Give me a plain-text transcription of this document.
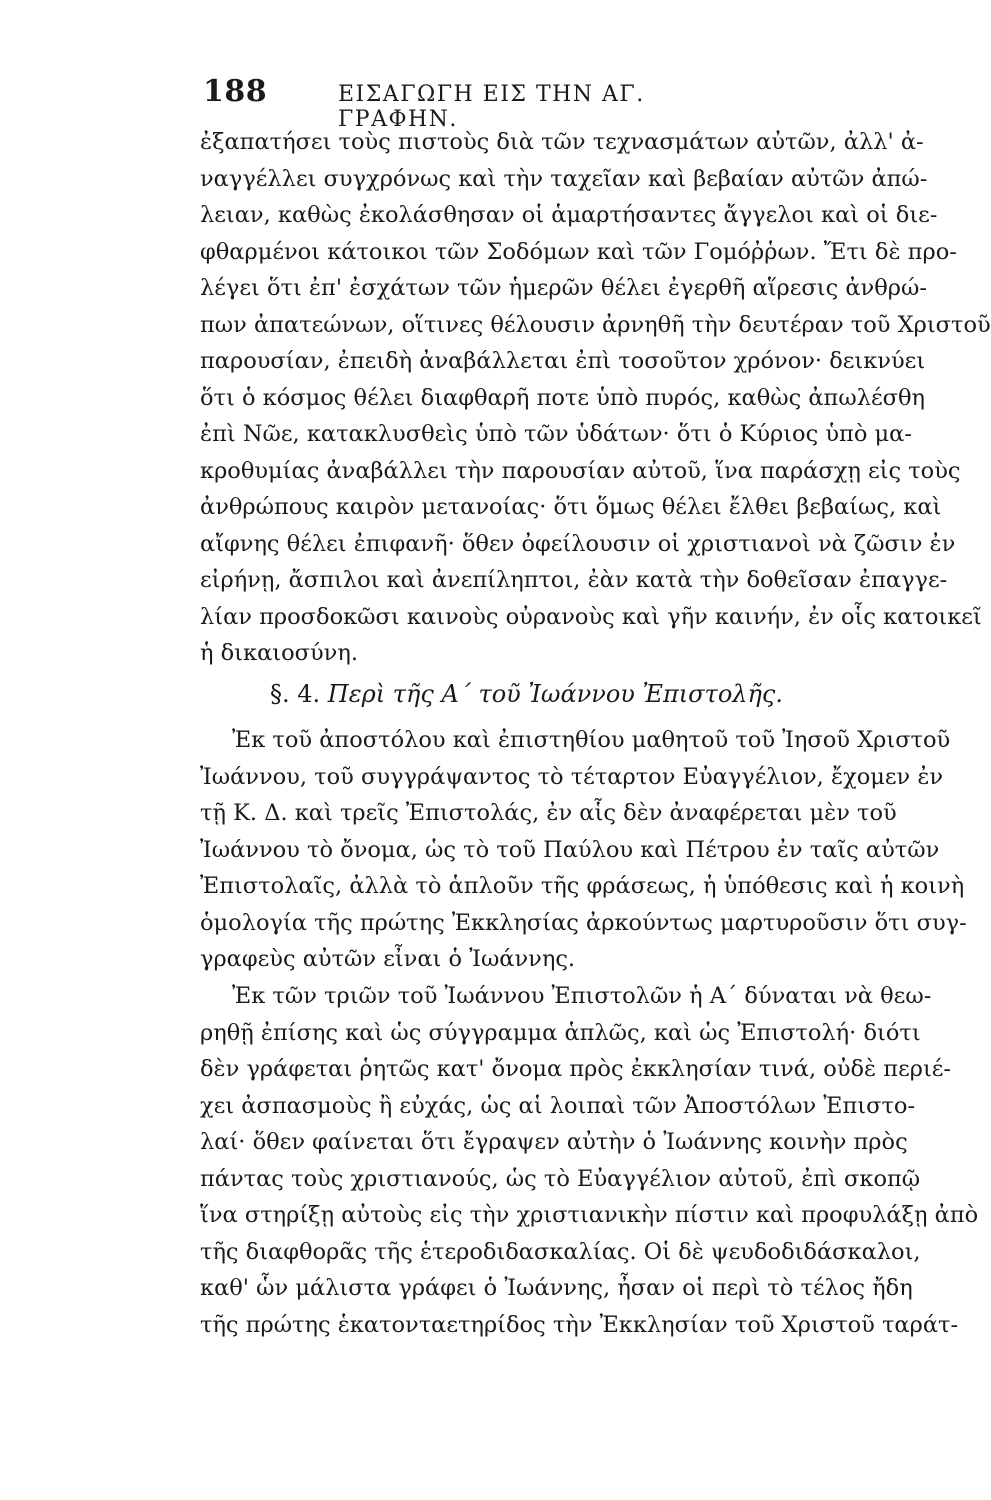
188	ΕΙΣΑΓΩΓΗ ΕΙΣ ΤΗΝ ΑΓ. ΓΡΑΦΗΝ.
ἐξαπατήσει τοὺς πιστοὺς διὰ τῶν τεχνασμάτων αὐτῶν, ἀλλ' ἀ-
ναγγέλλει συγχρόνως καὶ τὴν ταχεῖαν καὶ βεβαίαν αὐτῶν ἀπώ-
λειαν, καθὼς ἐκολάσθησαν οἱ ἁμαρτήσαντες ἄγγελοι καὶ οἱ διε-
φθαρμένοι κάτοικοι τῶν Σοδόμων καὶ τῶν Γομόῤῥων. Ἔτι δὲ προ-
λέγει ὅτι ἐπ' ἐσχάτων τῶν ἡμερῶν θέλει ἐγερθῆ αἵρεσις ἀνθρώ-
πων ἀπατεώνων, οἵτινες θέλουσιν ἀρνηθῆ τὴν δευτέραν τοῦ Χριστοῦ
παρουσίαν, ἐπειδὴ ἀναβάλλεται ἐπὶ τοσοῦτον χρόνον· δεικνύει
ὅτι ὁ κόσμος θέλει διαφθαρῆ ποτε ὑπὸ πυρός, καθὼς ἀπωλέσθη
ἐπὶ Νῶε, κατακλυσθεὶς ὑπὸ τῶν ὑδάτων· ὅτι ὁ Κύριος ὑπὸ μα-
κροθυμίας ἀναβάλλει τὴν παρουσίαν αὐτοῦ, ἵνα παράσχῃ εἰς τοὺς
ἀνθρώπους καιρὸν μετανοίας· ὅτι ὅμως θέλει ἔλθει βεβαίως, καὶ
αἴφνης θέλει ἐπιφανῆ· ὅθεν ὀφείλουσιν οἱ χριστιανοὶ νὰ ζῶσιν ἐν
εἰρήνῃ, ἄσπιλοι καὶ ἀνεπίληπτοι, ἐὰν κατὰ τὴν δοθεῖσαν ἐπαγγε-
λίαν προσδοκῶσι καινοὺς οὐρανοὺς καὶ γῆν καινήν, ἐν οἷς κατοικεῖ
ἡ δικαιοσύνη.
§. 4. Περὶ τῆς Α΄ τοῦ Ἰωάννου Ἐπιστολῆς.
Ἐκ τοῦ ἀποστόλου καὶ ἐπιστηθίου μαθητοῦ τοῦ Ἰησοῦ Χριστοῦ
Ἰωάννου, τοῦ συγγράψαντος τὸ τέταρτον Εὐαγγέλιον, ἔχομεν ἐν
τῇ Κ. Δ. καὶ τρεῖς Ἐπιστολάς, ἐν αἷς δὲν ἀναφέρεται μὲν τοῦ
Ἰωάννου τὸ ὄνομα, ὡς τὸ τοῦ Παύλου καὶ Πέτρου ἐν ταῖς αὐτῶν
Ἐπιστολαῖς, ἀλλὰ τὸ ἁπλοῦν τῆς φράσεως, ἡ ὑπόθεσις καὶ ἡ κοινὴ
ὁμολογία τῆς πρώτης Ἐκκλησίας ἀρκούντως μαρτυροῦσιν ὅτι συγ-
γραφεὺς αὐτῶν εἶναι ὁ Ἰωάννης.
Ἐκ τῶν τριῶν τοῦ Ἰωάννου Ἐπιστολῶν ἡ Α΄ δύναται νὰ θεω-
ρηθῇ ἐπίσης καὶ ὡς σύγγραμμα ἁπλῶς, καὶ ὡς Ἐπιστολή· διότι
δὲν γράφεται ῥητῶς κατ' ὄνομα πρὸς ἐκκλησίαν τινά, οὐδὲ περιέ-
χει ἀσπασμοὺς ἢ εὐχάς, ὡς αἱ λοιπαὶ τῶν Ἀποστόλων Ἐπιστο-
λαί· ὅθεν φαίνεται ὅτι ἔγραψεν αὐτὴν ὁ Ἰωάννης κοινὴν πρὸς
πάντας τοὺς χριστιανούς, ὡς τὸ Εὐαγγέλιον αὐτοῦ, ἐπὶ σκοπῷ
ἵνα στηρίξῃ αὐτοὺς εἰς τὴν χριστιανικὴν πίστιν καὶ προφυλάξῃ ἀπὸ
τῆς διαφθορᾶς τῆς ἑτεροδιδασκαλίας. Οἱ δὲ ψευδοδιδάσκαλοι,
καθ' ὧν μάλιστα γράφει ὁ Ἰωάννης, ἦσαν οἱ περὶ τὸ τέλος ἤδη
τῆς πρώτης ἑκατονταετηρίδος τὴν Ἐκκλησίαν τοῦ Χριστοῦ ταράτ-
